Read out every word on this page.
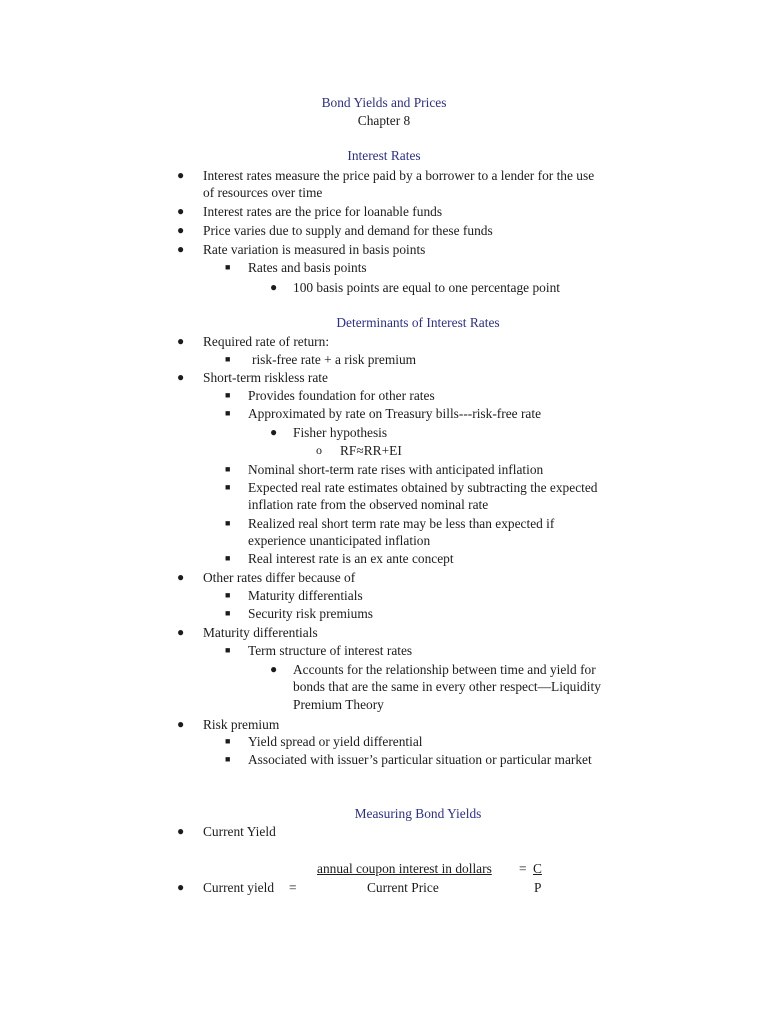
Bond Yields and Prices
Chapter 8
Interest Rates
● Interest rates measure the price paid by a borrower to a lender for the use
of resources over time
● Interest rates are the price for loanable funds
● Price varies due to supply and demand for these funds
● Rate variation is measured in basis points
■ Rates and basis points
● 100 basis points are equal to one percentage point
Determinants of Interest Rates
● Required rate of return:
■ risk-free rate + a risk premium
● Short-term riskless rate
■ Provides foundation for other rates
■ Approximated by rate on Treasury bills---risk-free rate
● Fisher hypothesis
o RF≈RR+EI
■ Nominal short-term rate rises with anticipated inflation
■ Expected real rate estimates obtained by subtracting the expected
inflation rate from the observed nominal rate
■ Realized real short term rate may be less than expected if
experience unanticipated inflation
■ Real interest rate is an ex ante concept
● Other rates differ because of
■ Maturity differentials
■ Security risk premiums
● Maturity differentials
■ Term structure of interest rates
● Accounts for the relationship between time and yield for
bonds that are the same in every other respect—Liquidity
Premium Theory
● Risk premium
■ Yield spread or yield differential
■ Associated with issuer’s particular situation or particular market
Measuring Bond Yields
● Current Yield
annual coupon interest in dollars = C
● Current yield =	Current Price	P
